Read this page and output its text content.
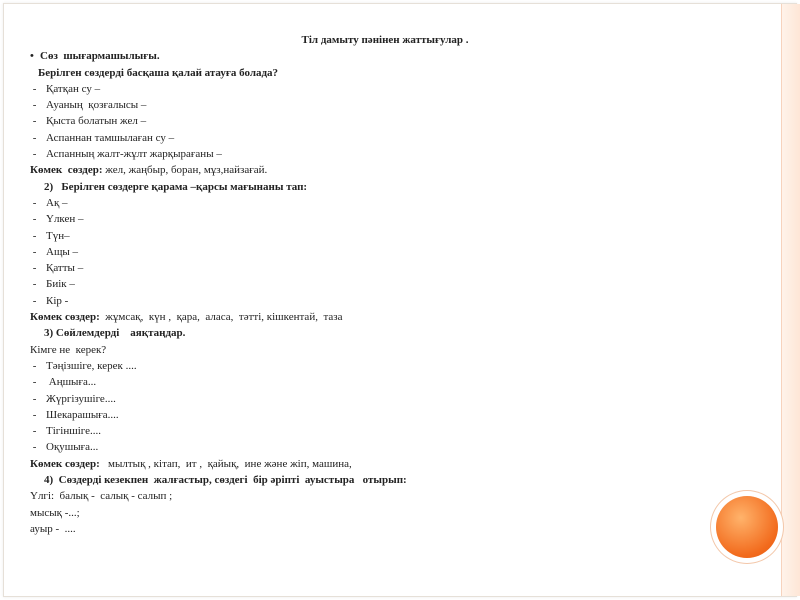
Тіл дамыту пәнінен жаттығулар .
• Сөз  шығармашылығы.
Берілген сөздерді басқаша қалай атауға болада?
- Қатқан су –
- Ауаның  қозғалысы –
- Қыста болатын жел –
- Аспаннан тамшылаған су –
- Аспанның жалт-жұлт жарқырағаны –
Көмек  сөздер: жел, жаңбыр, боран, мұз,найзағай.
2)   Берілген сөздерге қарама –қарсы мағынаны тап:
- Ақ –
- Үлкен –
- Түн–
- Ащы –
- Қатты –
- Биік –
- Кір -
Көмек сөздер:  жұмсақ,  күн ,  қара,  аласа,  тәтті, кішкентай,  таза
3) Сөйлемдерді    аяқтаңдар.
Кімге не  керек?
- Тәңізшіге, керек ....
- Аңшыға...
- Жүргізушіге....
- Шекарашыға....
- Тігіншіге....
- Оқушыға...
Көмек сөздер:   мылтық , кітап,  ит ,  қайық,  ине және жіп, машина,
4)  Сөздерді кезекпен  жалғастыр, сөздегі  бір әріпті  ауыстыра   отырып:
Үлгі:  балық -  салық - салып ;
мысық -...;
ауыр -  ....
